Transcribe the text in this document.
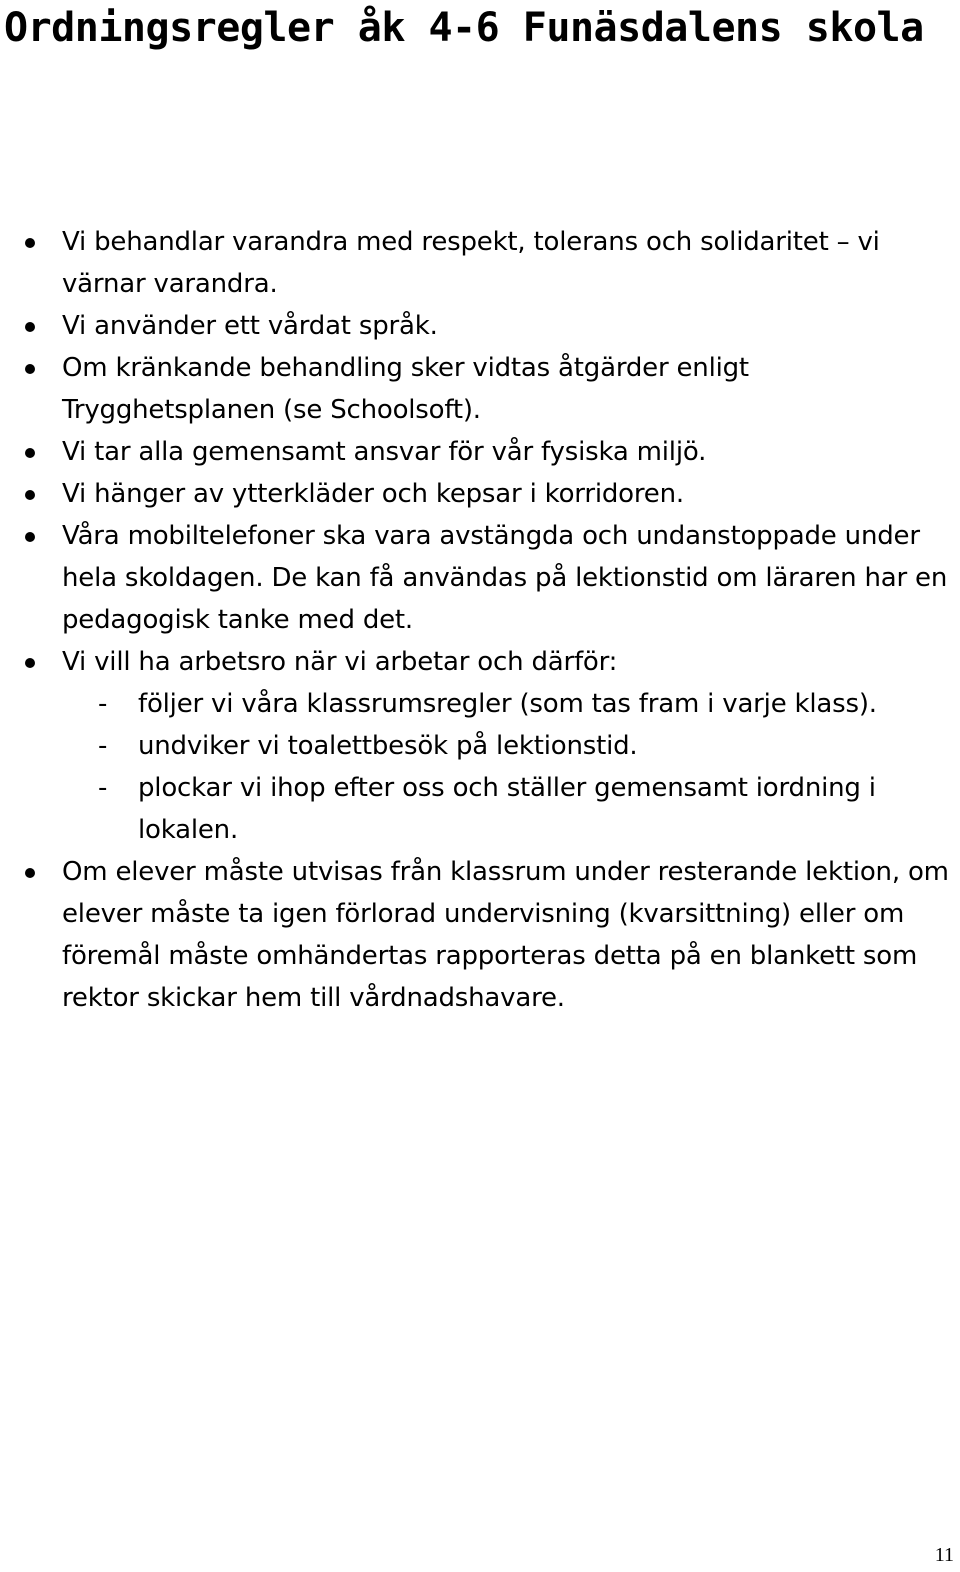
Ordningsregler åk 4-6 Funäsdalens skola
Vi behandlar varandra med respekt, tolerans och solidaritet – vi värnar varandra.
Vi använder ett vårdat språk.
Om kränkande behandling sker vidtas åtgärder enligt Trygghetsplanen (se Schoolsoft).
Vi tar alla gemensamt ansvar för vår fysiska miljö.
Vi hänger av ytterkläder och kepsar i korridoren.
Våra mobiltelefoner ska vara avstängda och undanstoppade under hela skoldagen. De kan få användas på lektionstid om läraren har en pedagogisk tanke med det.
Vi vill ha arbetsro när vi arbetar och därför:
- följer vi våra klassrumsregler (som tas fram i varje klass).
- undviker vi toalettbesök på lektionstid.
- plockar vi ihop efter oss och ställer gemensamt iordning i lokalen.
Om elever måste utvisas från klassrum under resterande lektion, om elever måste ta igen förlorad undervisning (kvarsittning) eller om föremål måste omhändertas rapporteras detta på en blankett som rektor skickar hem till vårdnadshavare.
11
